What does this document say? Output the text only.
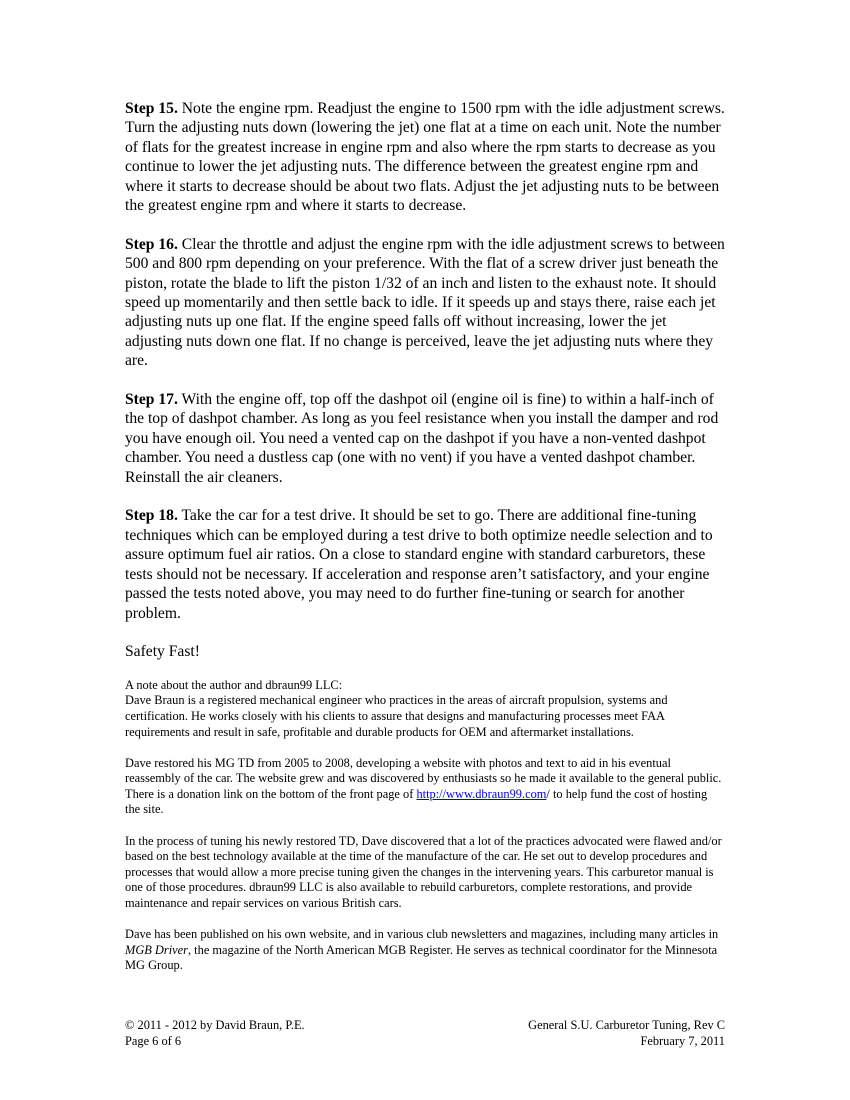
Step 15. Note the engine rpm. Readjust the engine to 1500 rpm with the idle adjustment screws. Turn the adjusting nuts down (lowering the jet) one flat at a time on each unit. Note the number of flats for the greatest increase in engine rpm and also where the rpm starts to decrease as you continue to lower the jet adjusting nuts. The difference between the greatest engine rpm and where it starts to decrease should be about two flats. Adjust the jet adjusting nuts to be between the greatest engine rpm and where it starts to decrease.

Step 16. Clear the throttle and adjust the engine rpm with the idle adjustment screws to between 500 and 800 rpm depending on your preference. With the flat of a screw driver just beneath the piston, rotate the blade to lift the piston 1/32 of an inch and listen to the exhaust note. It should speed up momentarily and then settle back to idle. If it speeds up and stays there, raise each jet adjusting nuts up one flat. If the engine speed falls off without increasing, lower the jet adjusting nuts down one flat. If no change is perceived, leave the jet adjusting nuts where they are.

Step 17. With the engine off, top off the dashpot oil (engine oil is fine) to within a half-inch of the top of dashpot chamber. As long as you feel resistance when you install the damper and rod you have enough oil. You need a vented cap on the dashpot if you have a non-vented dashpot chamber. You need a dustless cap (one with no vent) if you have a vented dashpot chamber. Reinstall the air cleaners.

Step 18. Take the car for a test drive. It should be set to go. There are additional fine-tuning techniques which can be employed during a test drive to both optimize needle selection and to assure optimum fuel air ratios. On a close to standard engine with standard carburetors, these tests should not be necessary. If acceleration and response aren’t satisfactory, and your engine passed the tests noted above, you may need to do further fine-tuning or search for another problem.

Safety Fast!

A note about the author and dbraun99 LLC:
Dave Braun is a registered mechanical engineer who practices in the areas of aircraft propulsion, systems and certification. He works closely with his clients to assure that designs and manufacturing processes meet FAA requirements and result in safe, profitable and durable products for OEM and aftermarket installations.

Dave restored his MG TD from 2005 to 2008, developing a website with photos and text to aid in his eventual reassembly of the car. The website grew and was discovered by enthusiasts so he made it available to the general public. There is a donation link on the bottom of the front page of http://www.dbraun99.com/ to help fund the cost of hosting the site.

In the process of tuning his newly restored TD, Dave discovered that a lot of the practices advocated were flawed and/or based on the best technology available at the time of the manufacture of the car. He set out to develop procedures and processes that would allow a more precise tuning given the changes in the intervening years. This carburetor manual is one of those procedures. dbraun99 LLC is also available to rebuild carburetors, complete restorations, and provide maintenance and repair services on various British cars.

Dave has been published on his own website, and in various club newsletters and magazines, including many articles in MGB Driver, the magazine of the North American MGB Register. He serves as technical coordinator for the Minnesota MG Group.

© 2011 - 2012 by David Braun, P.E.
Page 6 of 6
General S.U. Carburetor Tuning, Rev C
February 7, 2011
